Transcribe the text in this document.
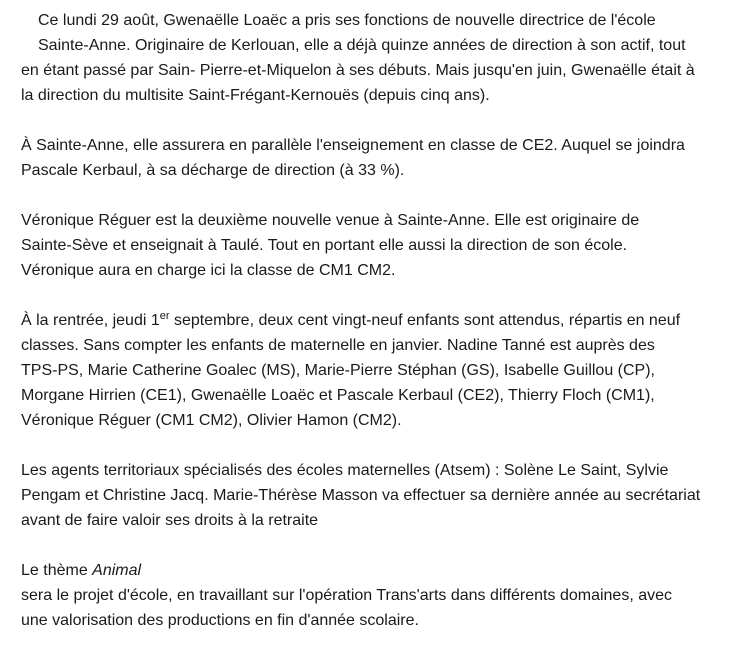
Ce lundi 29 août, Gwenaëlle Loaëc a pris ses fonctions de nouvelle directrice de l'école
Sainte-Anne. Originaire de Kerlouan, elle a déjà quinze années de direction à son actif, tout
en étant passé par Sain- Pierre-et-Miquelon à ses débuts. Mais jusqu'en juin, Gwenaëlle était à
la direction du multisite Saint-Frégant-Kernouës (depuis cinq ans).

À Sainte-Anne, elle assurera en parallèle l'enseignement en classe de CE2. Auquel se joindra
Pascale Kerbaul, à sa décharge de direction (à 33 %).

Véronique Réguer est la deuxième nouvelle venue à Sainte-Anne. Elle est originaire de
Sainte-Sève et enseignait à Taulé. Tout en portant elle aussi la direction de son école.
Véronique aura en charge ici la classe de CM1 CM2.

À la rentrée, jeudi 1er septembre, deux cent vingt-neuf enfants sont attendus, répartis en neuf
classes. Sans compter les enfants de maternelle en janvier. Nadine Tanné est auprès des
TPS-PS, Marie Catherine Goalec (MS), Marie-Pierre Stéphan (GS), Isabelle Guillou (CP),
Morgane Hirrien (CE1), Gwenaëlle Loaëc et Pascale Kerbaul (CE2), Thierry Floch (CM1),
Véronique Réguer (CM1 CM2), Olivier Hamon (CM2).

Les agents territoriaux spécialisés des écoles maternelles (Atsem) : Solène Le Saint, Sylvie
Pengam et Christine Jacq. Marie-Thérèse Masson va effectuer sa dernière année au secrétariat
avant de faire valoir ses droits à la retraite

Le thème Animal
sera le projet d'école, en travaillant sur l'opération Trans'arts dans différents domaines, avec
une valorisation des productions en fin d'année scolaire.
